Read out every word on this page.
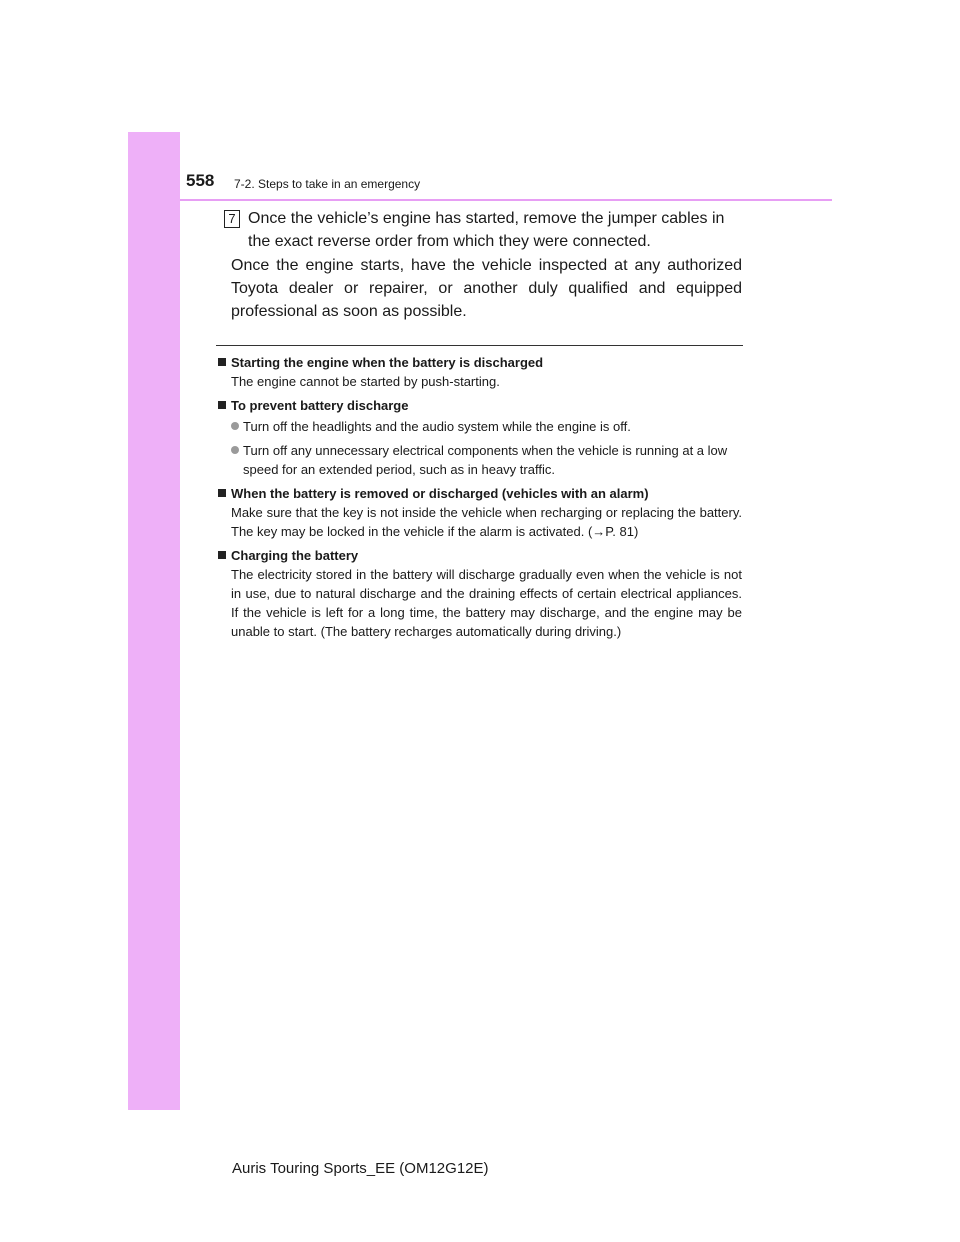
558 7-2. Steps to take in an emergency
7 Once the vehicle’s engine has started, remove the jumper cables in the exact reverse order from which they were connected.

Once the engine starts, have the vehicle inspected at any authorized Toyota dealer or repairer, or another duly qualified and equipped professional as soon as possible.

Starting the engine when the battery is discharged

The engine cannot be started by push-starting.

To prevent battery discharge

Turn off the headlights and the audio system while the engine is off.
Turn off any unnecessary electrical components when the vehicle is running at a low speed for an extended period, such as in heavy traffic.

When the battery is removed or discharged (vehicles with an alarm)

Make sure that the key is not inside the vehicle when recharging or replacing the battery. The key may be locked in the vehicle if the alarm is activated. (→P. 81)

Charging the battery

The electricity stored in the battery will discharge gradually even when the vehicle is not in use, due to natural discharge and the draining effects of certain electrical appliances. If the vehicle is left for a long time, the battery may discharge, and the engine may be unable to start. (The battery recharges automatically during driving.)

Auris Touring Sports_EE (OM12G12E)
